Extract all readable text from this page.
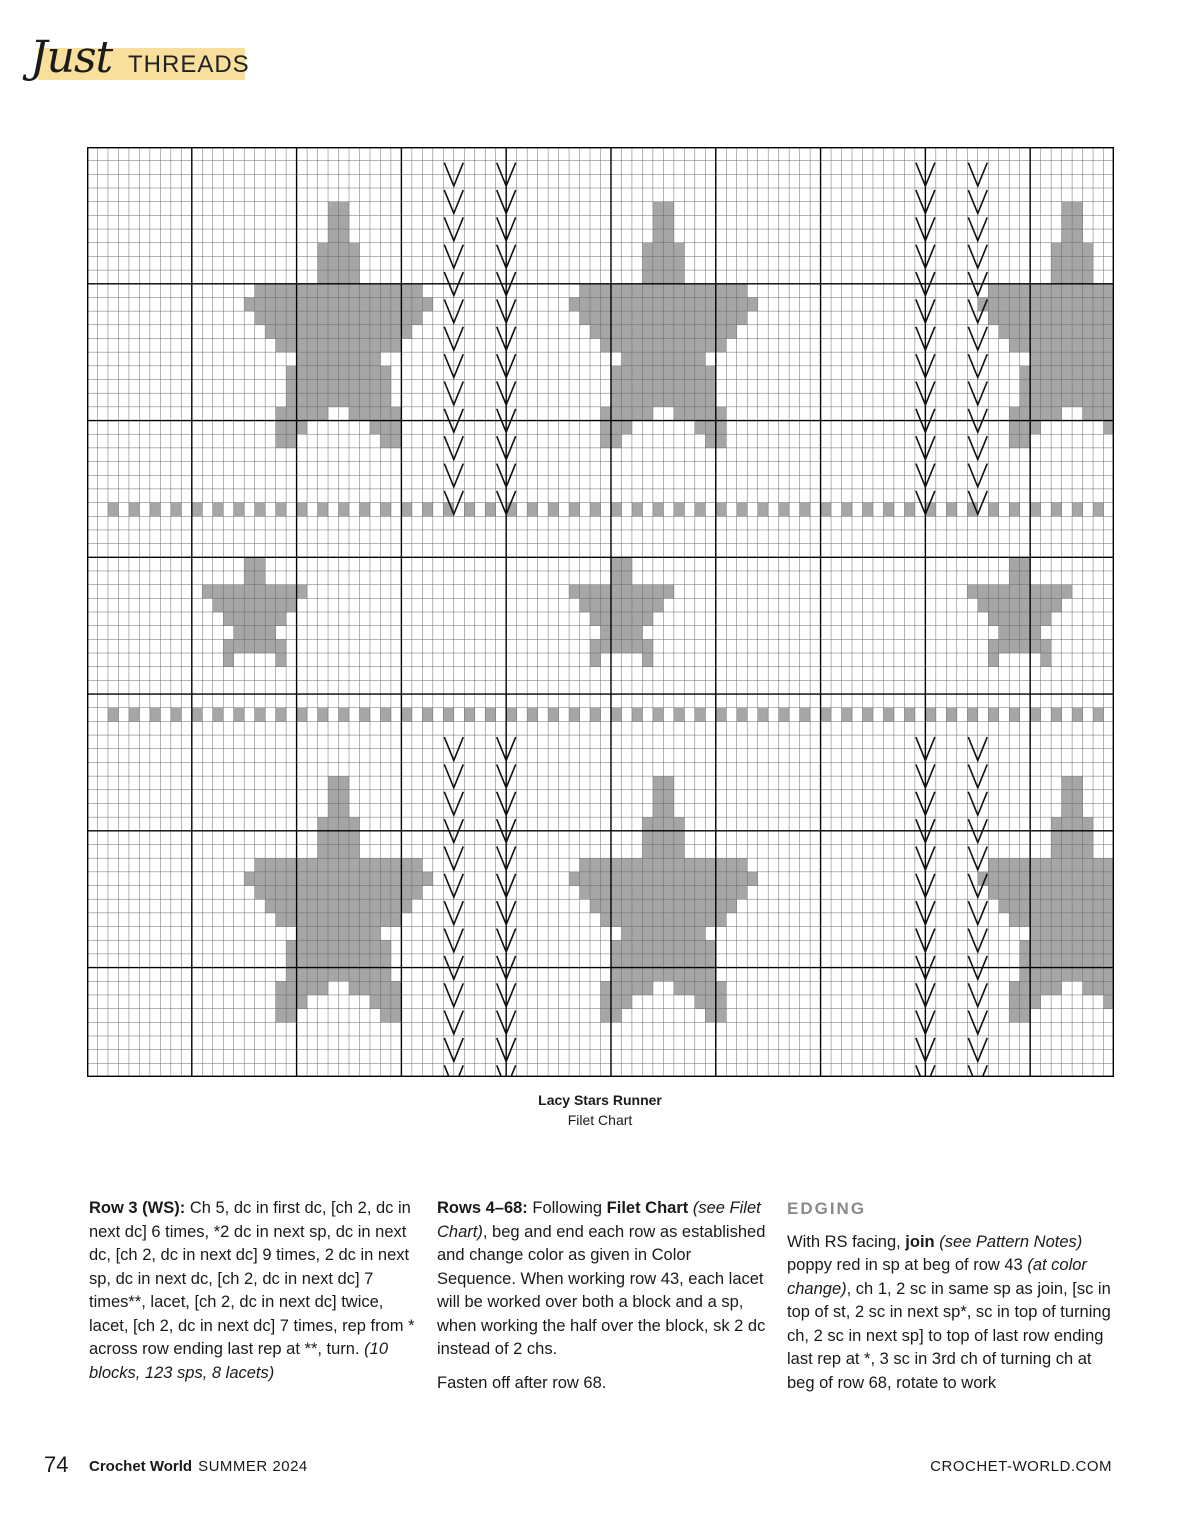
Just THREADS
Lacy Stars Runner
Filet Chart

Row 3 (WS): Ch 5, dc in first dc, [ch 2, dc in next dc] 6 times, *2 dc in next sp, dc in next dc, [ch 2, dc in next dc] 9 times, 2 dc in next sp, dc in next dc, [ch 2, dc in next dc] 7 times**, lacet, [ch 2, dc in next dc] twice, lacet, [ch 2, dc in next dc] 7 times, rep from * across row ending last rep at **, turn. (10 blocks, 123 sps, 8 lacets)

Rows 4–68: Following Filet Chart (see Filet Chart), beg and end each row as established and change color as given in Color Sequence. When working row 43, each lacet will be worked over both a block and a sp, when working the half over the block, sk 2 dc instead of 2 chs.

Fasten off after row 68.

EDGING

With RS facing, join (see Pattern Notes) poppy red in sp at beg of row 43 (at color change), ch 1, 2 sc in same sp as join, [sc in top of st, 2 sc in next sp*, sc in top of turning ch, 2 sc in next sp] to top of last row ending last rep at *, 3 sc in 3rd ch of turning ch at beg of row 68, rotate to work

74 Crochet World SUMMER 2024	CROCHET-WORLD.COM
